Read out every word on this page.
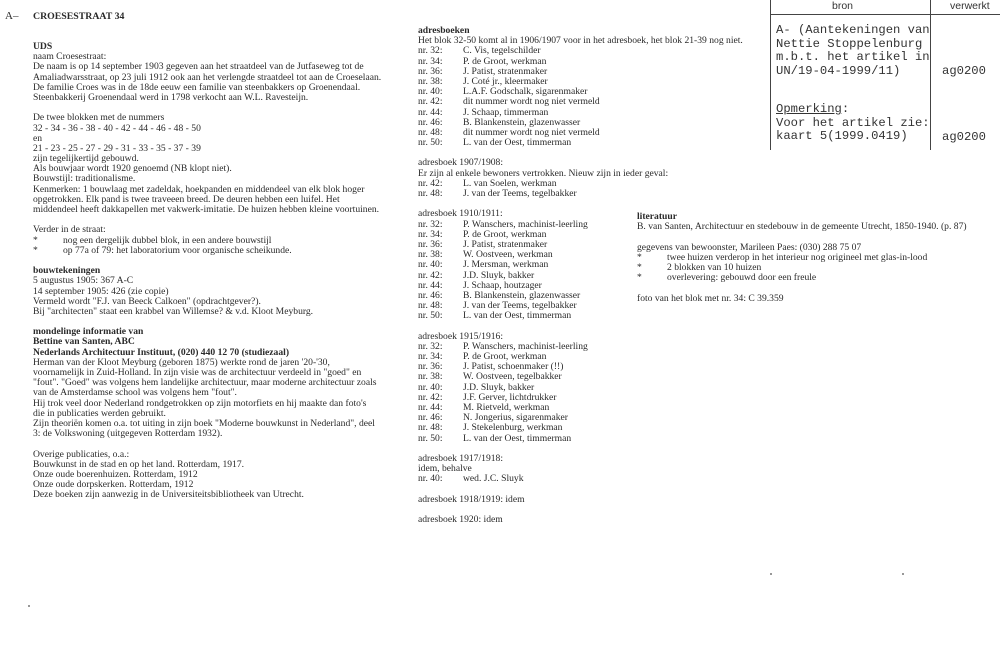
A– CROESESTRAAT 34
UDS
naam Croesestraat:
De naam is op 14 september 1903 gegeven aan het straatdeel van de Jutfaseweg tot de
Amaliadwarsstraat, op 23 juli 1912 ook aan het verlengde straatdeel tot aan de Croeselaan.
De familie Croes was in de 18de eeuw een familie van steenbakkers op Groenendaal.
Steenbakkerij Groenendaal werd in 1798 verkocht aan W.L. Ravesteijn.
De twee blokken met de nummers
32 - 34 - 36 - 38 - 40 - 42 - 44 - 46 - 48 - 50
en
21 - 23 - 25 - 27 - 29 - 31 - 33 - 35 - 37 - 39
zijn tegelijkertijd gebouwd.
Als bouwjaar wordt 1920 genoemd (NB klopt niet).
Bouwstijl: traditionalisme.
Kenmerken: 1 bouwlaag met zadeldak, hoekpanden en middendeel van elk blok hoger
opgetrokken. Elk pand is twee traveeen breed. De deuren hebben een luifel. Het
middendeel heeft dakkapellen met vakwerk-imitatie. De huizen hebben kleine voortuinen.
Verder in de straat:
*	nog een dergelijk dubbel blok, in een andere bouwstijl
*	op 77a of 79: het laboratorium voor organische scheikunde.
bouwtekeningen
5 augustus 1905: 367 A-C
14 september 1905: 426 (zie copie)
Vermeld wordt "F.J. van Beeck Calkoen" (opdrachtgever?).
Bij "architecten" staat een krabbel van Willemse? & v.d. Kloot Meyburg.
mondelinge informatie van
Bettine van Santen, ABC
Nederlands Architectuur Instituut, (020) 440 12 70 (studiezaal)
Herman van der Kloot Meyburg (geboren 1875) werkte rond de jaren '20-'30,
voornamelijk in Zuid-Holland. In zijn visie was de architectuur verdeeld in "goed" en
"fout". "Goed" was volgens hem landelijke architectuur, maar moderne architectuur zoals
van de Amsterdamse school was volgens hem "fout".
Hij trok veel door Nederland rondgetrokken op zijn motorfiets en hij maakte dan foto's
die in publicaties werden gebruikt.
Zijn theoriën komen o.a. tot uiting in zijn boek "Moderne bouwkunst in Nederland", deel
3: de Volkswoning (uitgegeven Rotterdam 1932).
Overige publicaties, o.a.:
Bouwkunst in de stad en op het land. Rotterdam, 1917.
Onze oude boerenhuizen. Rotterdam, 1912
Onze oude dorpskerken. Rotterdam, 1912
Deze boeken zijn aanwezig in de Universiteitsbibliotheek van Utrecht.
adresboeken
Het blok 32-50 komt al in 1906/1907 voor in het adresboek, het blok 21-39 nog niet.
nr. 32: C. Vis, tegelschilder
nr. 34: P. de Groot, werkman
nr. 36: J. Patist, stratenmaker
nr. 38: J. Coté jr., kleermaker
nr. 40: L.A.F. Godschalk, sigarenmaker
nr. 42: dit nummer wordt nog niet vermeld
nr. 44: J. Schaap, timmerman
nr. 46: B. Blankenstein, glazenwasser
nr. 48: dit nummer wordt nog niet vermeld
nr. 50: L. van der Oest, timmerman
adresboek 1907/1908:
Er zijn al enkele bewoners vertrokken. Nieuw zijn in ieder geval:
nr. 42: L. van Soelen, werkman
nr. 48: J. van der Teems, tegelbakker
adresboek 1910/1911:
nr. 32: P. Wanschers, machinist-leerling
nr. 34: P. de Groot, werkman
nr. 36: J. Patist, stratenmaker
nr. 38: W. Oostveen, werkman
nr. 40: J. Mersman, werkman
nr. 42: J.D. Sluyk, bakker
nr. 44: J. Schaap, houtzager
nr. 46: B. Blankenstein, glazenwasser
nr. 48: J. van der Teems, tegelbakker
nr. 50: L. van der Oest, timmerman
adresboek 1915/1916:
nr. 32: P. Wanschers, machinist-leerling
nr. 34: P. de Groot, werkman
nr. 36: J. Patist, schoenmaker (!!)
nr. 38: W. Oostveen, tegelbakker
nr. 40: J.D. Sluyk, bakker
nr. 42: J.F. Gerver, lichtdrukker
nr. 44: M. Rietveld, werkman
nr. 46: N. Jongerius, sigarenmaker
nr. 48: J. Stekelenburg, werkman
nr. 50: L. van der Oest, timmerman
adresboek 1917/1918:
idem, behalve
nr. 40: wed. J.C. Sluyk
adresboek 1918/1919: idem
adresboek 1920: idem
literatuur
B. van Santen, Architectuur en stedebouw in de gemeente Utrecht, 1850-1940. (p. 87)
gegevens van bewoonster, Marileen Paes: (030) 288 75 07
*	twee huizen verderop in het interieur nog origineel met glas-in-lood
*	2 blokken van 10 huizen
*	overlevering: gebouwd door een freule
foto van het blok met nr. 34: C 39.359
bron	verwerkt
A- (Aantekeningen van
Nettie Stoppelenburg
m.b.t. het artikel in
UN/19-04-1999/11)	ag0200
Opmerking:
Voor het artikel zie:
kaart 5(1999.0419)	ag0200
